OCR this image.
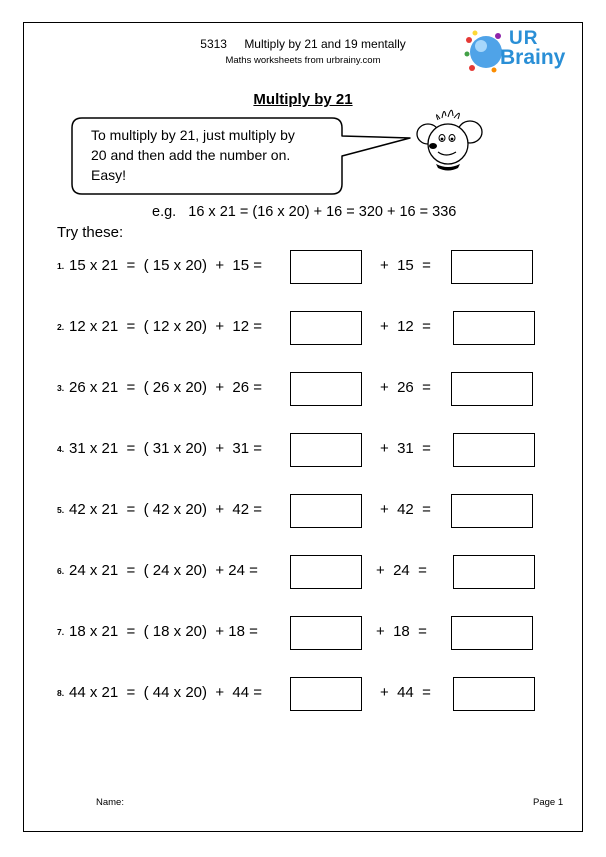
5313 Multiply by 21 and 19 mentally
Maths worksheets from urbrainy.com
UR
Brainy
Multiply by 21
To multiply by 21, just multiply by
20 and then add the number on.
Easy!
e.g.   16 x 21 = (16 x 20) + 16 = 320 + 16 = 336
Try these:
1. 15 x 21  =  ( 15 x 20)  +  15 =	+  15  =
2. 12 x 21  =  ( 12 x 20)  +  12 =	+  12  =
3. 26 x 21  =  ( 26 x 20)  +  26 =	+  26  =
4. 31 x 21  =  ( 31 x 20)  +  31 =	+  31  =
5. 42 x 21  =  ( 42 x 20)  +  42 =	+  42  =
6. 24 x 21  =  ( 24 x 20)  + 24 =	+  24  =
7. 18 x 21  =  ( 18 x 20)  + 18 =	+  18  =
8. 44 x 21  =  ( 44 x 20)  +  44 =	+  44  =
Name:	Page 1
